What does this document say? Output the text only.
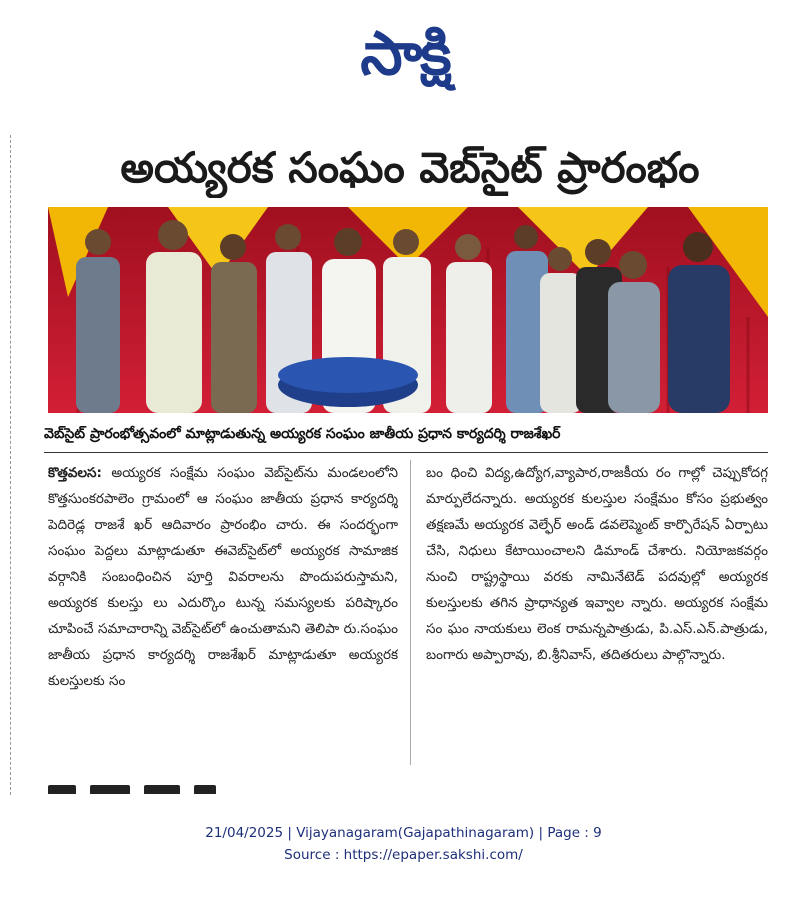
సాక్షి
అయ్యరక సంఘం వెబ్‌సైట్ ప్రారంభం
వెబ్‌సైట్ ప్రారంభోత్సవంలో మాట్లాడుతున్న అయ్యరక సంఘం జాతీయ ప్రధాన కార్యదర్శి రాజశేఖర్
కొత్తవలస: అయ్యరక సంక్షేమ సంఘం వెబ్‌సైట్‌ను మండలంలోని కొత్తసుంకరపాలెం గ్రామంలో ఆ సంఘం జాతీయ ప్రధాన కార్యదర్శి పెదిరెడ్ల రాజశే ఖర్ ఆదివారం ప్రారంభిం చారు. ఈ సందర్భంగా సంఘం పెద్దలు మాట్లాడుతూ ఈవెబ్‌సైట్‌లో అయ్యరక సామాజిక వర్గానికి సంబంధించిన పూర్తి వివరాలను పొందుపరుస్తామని, అయ్యరక కులస్తు లు ఎదుర్కొం టున్న సమస్యలకు పరిష్కారం చూపించే సమాచారాన్ని వెబ్‌సైట్‌లో ఉంచుతామని తెలిపా రు.సంఘం జాతీయ ప్రధాన కార్యదర్శి రాజశేఖర్ మాట్లాడుతూ అయ్యరక కులస్తులకు సం
బం ధించి విద్య,ఉద్యోగ,వ్యాపార,రాజకీయ రం గాల్లో చెప్పుకోదగ్గ మార్పులేదన్నారు. అయ్యరక కులస్తుల సంక్షేమం కోసం ప్రభుత్వం తక్షణమే అయ్యరక వెల్ఫేర్ అండ్ డవలెప్మెంట్ కార్పొరేషన్ ఏర్పాటు చేసి, నిధులు కేటాయించాలని డిమాండ్ చేశారు. నియోజకవర్గం నుంచి రాష్ట్రస్థాయి వరకు నామినేటెడ్ పదవుల్లో అయ్యరక కులస్తులకు తగిన ప్రాధాన్యత ఇవ్వాల న్నారు. అయ్యరక సంక్షేమ సం ఘం నాయకులు లెంక రామన్నపాత్రుడు, పి.ఎస్.ఎన్.పాత్రుడు, బంగారు అప్పారావు, బి.శ్రీనివాస్, తదితరులు పాల్గొన్నారు.
21/04/2025 | Vijayanagaram(Gajapathinagaram) | Page : 9
Source : https://epaper.sakshi.com/
